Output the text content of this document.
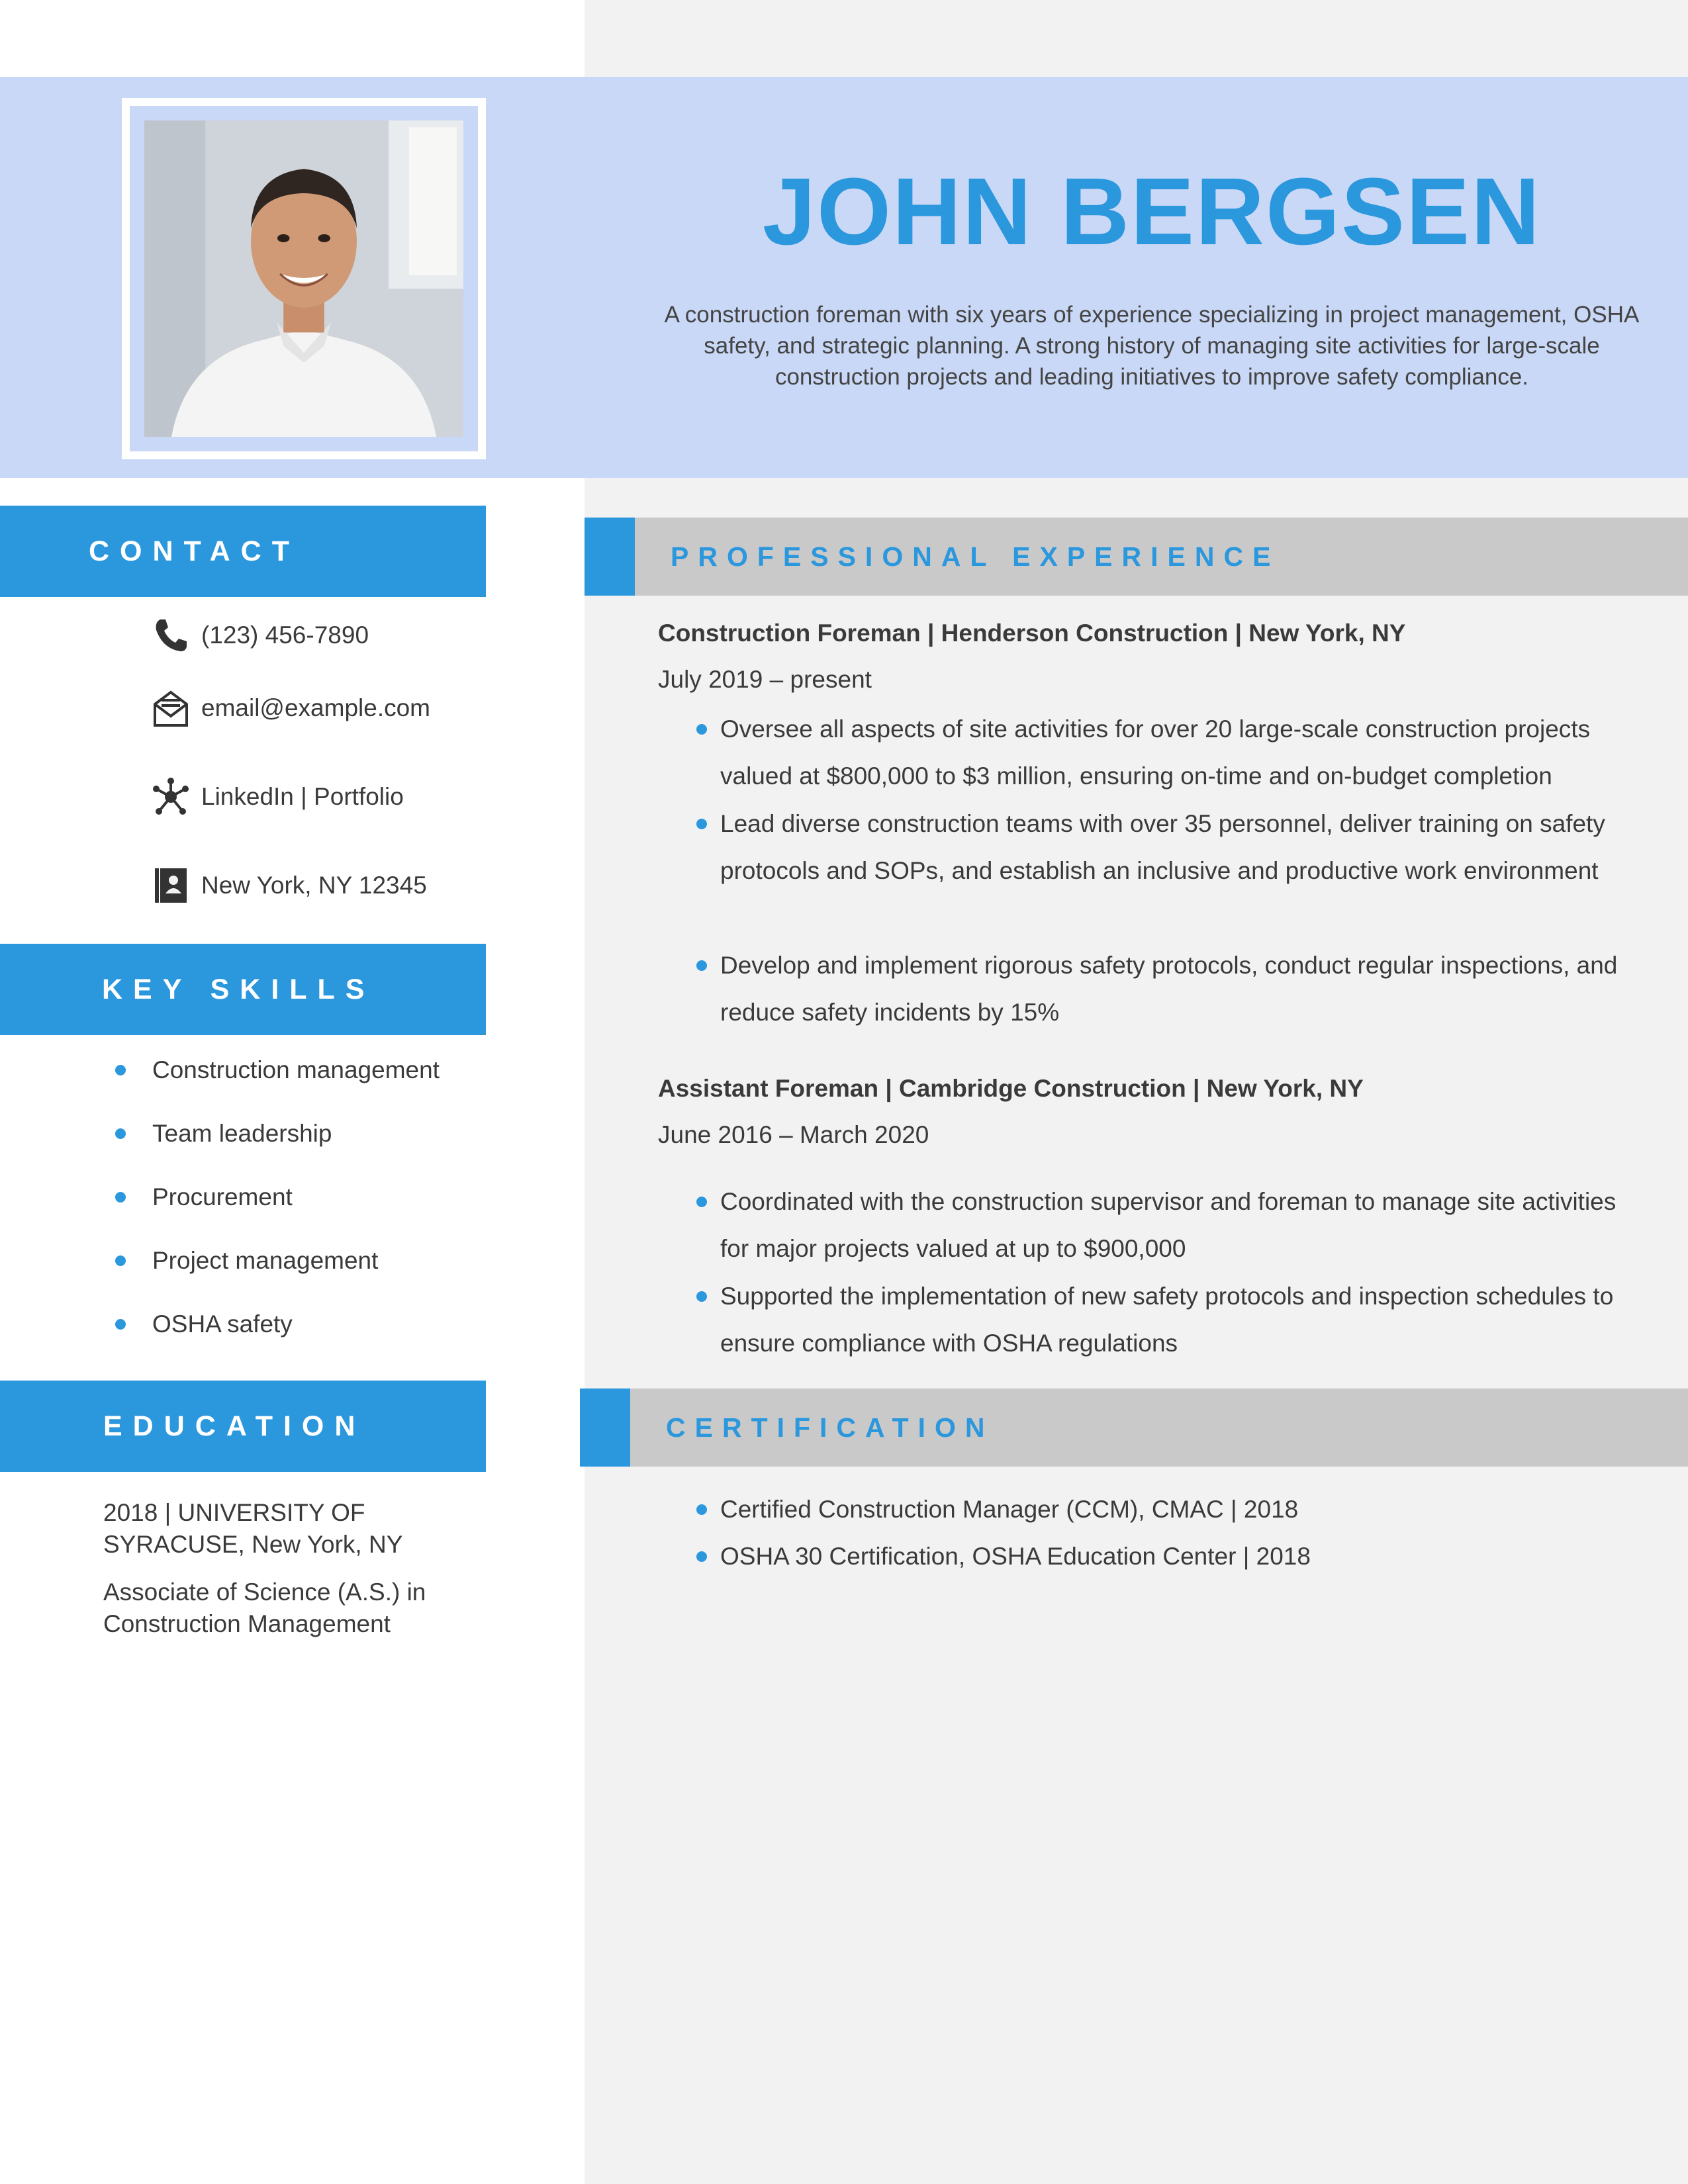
JOHN BERGSEN
A construction foreman with six years of experience specializing in project management, OSHA safety, and strategic planning. A strong history of managing site activities for large-scale construction projects and leading initiatives to improve safety compliance.
CONTACT
(123) 456-7890
email@example.com
LinkedIn | Portfolio
New York, NY 12345
KEY SKILLS
Construction management
Team leadership
Procurement
Project management
OSHA safety
EDUCATION
2018 | UNIVERSITY OF SYRACUSE, New York, NY
Associate of Science (A.S.) in Construction Management
PROFESSIONAL EXPERIENCE
Construction Foreman | Henderson Construction | New York, NY
July 2019 – present
Oversee all aspects of site activities for over 20 large-scale construction projects valued at $800,000 to $3 million, ensuring on-time and on-budget completion
Lead diverse construction teams with over 35 personnel, deliver training on safety protocols and SOPs, and establish an inclusive and productive work environment
Develop and implement rigorous safety protocols, conduct regular inspections, and reduce safety incidents by 15%
Assistant Foreman | Cambridge Construction | New York, NY
June 2016 – March 2020
Coordinated with the construction supervisor and foreman to manage site activities for major projects valued at up to $900,000
Supported the implementation of new safety protocols and inspection schedules to ensure compliance with OSHA regulations
CERTIFICATION
Certified Construction Manager (CCM), CMAC | 2018
OSHA 30 Certification, OSHA Education Center | 2018
